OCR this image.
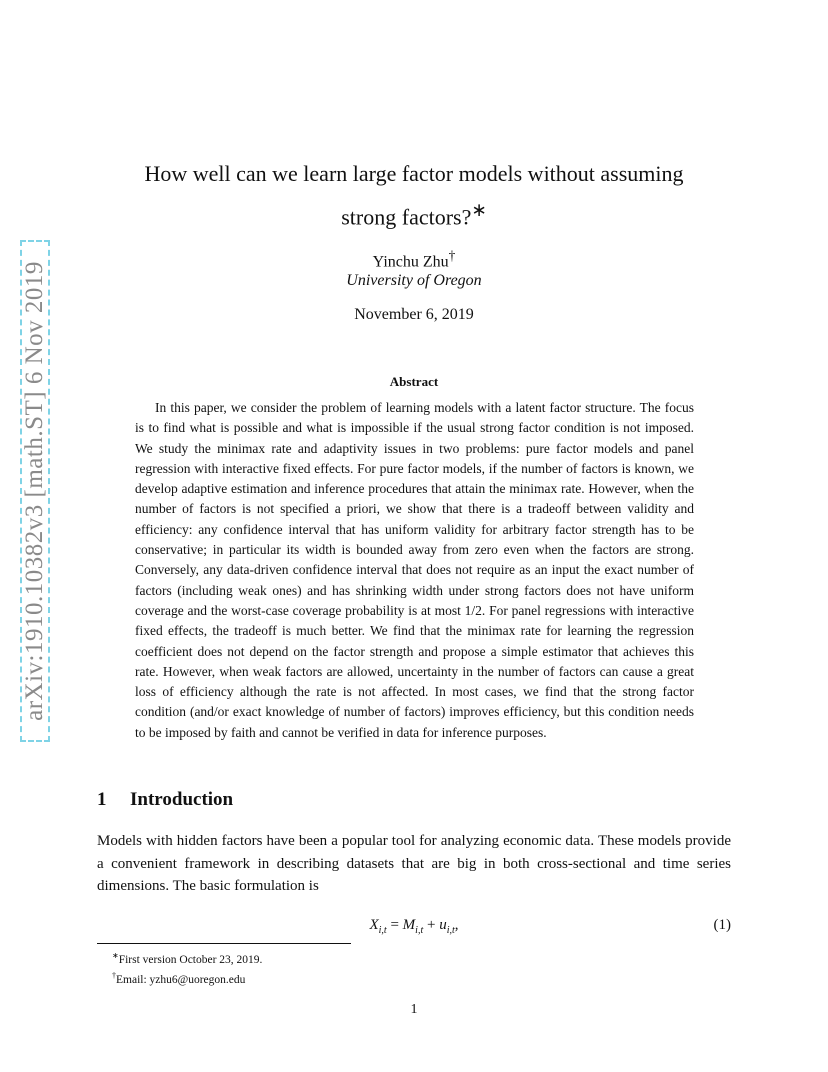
arXiv:1910.10382v3 [math.ST] 6 Nov 2019
How well can we learn large factor models without assuming
strong factors?∗
Yinchu Zhu†
University of Oregon
November 6, 2019
Abstract

In this paper, we consider the problem of learning models with a latent factor structure. The focus is to find what is possible and what is impossible if the usual strong factor condition is not imposed. We study the minimax rate and adaptivity issues in two problems: pure factor models and panel regression with interactive fixed effects. For pure factor models, if the number of factors is known, we develop adaptive estimation and inference procedures that attain the minimax rate. However, when the number of factors is not specified a priori, we show that there is a tradeoff between validity and efficiency: any confidence interval that has uniform validity for arbitrary factor strength has to be conservative; in particular its width is bounded away from zero even when the factors are strong. Conversely, any data-driven confidence interval that does not require as an input the exact number of factors (including weak ones) and has shrinking width under strong factors does not have uniform coverage and the worst-case coverage probability is at most 1/2. For panel regressions with interactive fixed effects, the tradeoff is much better. We find that the minimax rate for learning the regression coefficient does not depend on the factor strength and propose a simple estimator that achieves this rate. However, when weak factors are allowed, uncertainty in the number of factors can cause a great loss of efficiency although the rate is not affected. In most cases, we find that the strong factor condition (and/or exact knowledge of number of factors) improves efficiency, but this condition needs to be imposed by faith and cannot be verified in data for inference purposes.

1 Introduction

Models with hidden factors have been a popular tool for analyzing economic data. These models provide a convenient framework in describing datasets that are big in both cross-sectional and time series dimensions. The basic formulation is

$X_{i,t} = M_{i,t} + u_{i,t}$,	(1)
∗First version October 23, 2019.
†Email: yzhu6@uoregon.edu
1
